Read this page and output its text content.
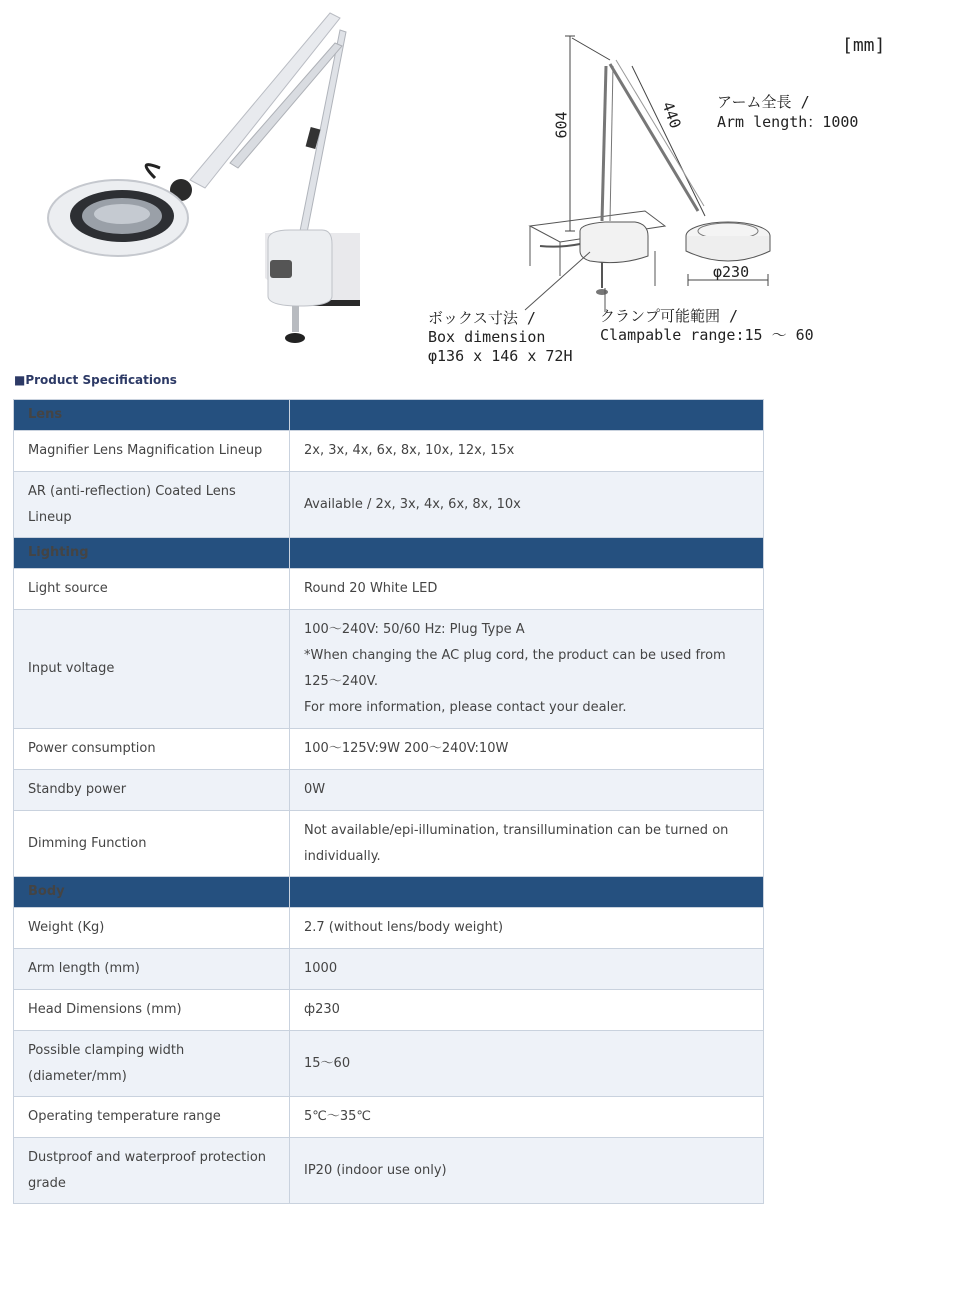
[mm]
604	440 アーム全長 /
Arm length：1000
φ230
ボックス寸法 /
Box dimension
φ136 x 146 x 72H
クランプ可能範囲 /
Clampable range:15 ～ 60
■Product Specifications
Lens	
Magnifier Lens Magnification Lineup	2x, 3x, 4x, 6x, 8x, 10x, 12x, 15x
AR (anti-reflection) Coated Lens Lineup	Available / 2x, 3x, 4x, 6x, 8x, 10x
Lighting	
Light source	Round 20 White LED
Input voltage	100～240V: 50/60 Hz: Plug Type A
*When changing the AC plug cord, the product can be used from 125～240V.
For more information, please contact your dealer.
Power consumption	100～125V:9W 200～240V:10W
Standby power	0W
Dimming Function	Not available/epi-illumination, transillumination can be turned on individually.
Body	
Weight (Kg)	2.7 (without lens/body weight)
Arm length (mm)	1000
Head Dimensions (mm)	ф230
Possible clamping width (diameter/mm)	15～60
Operating temperature range	5℃～35℃
Dustproof and waterproof protection grade	IP20 (indoor use only)
